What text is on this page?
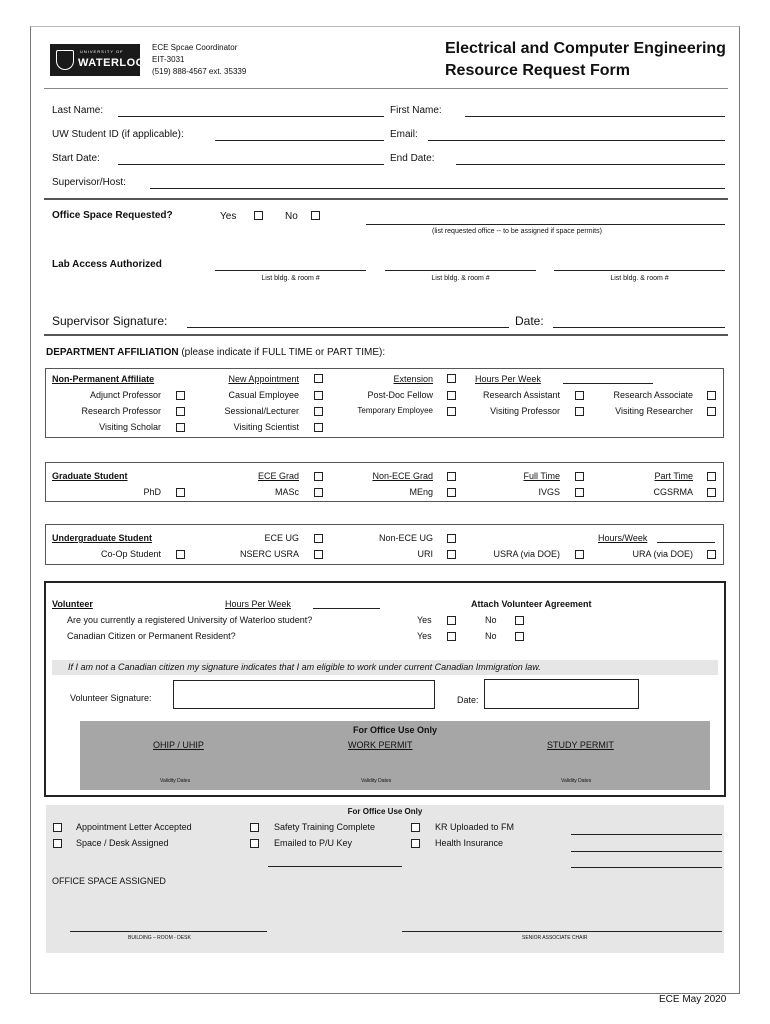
UNIVERSITY OF
WATERLOO
ECE Spcae Coordinator
EIT-3031
(519) 888-4567 ext. 35339
Electrical and Computer Engineering
Resource Request Form
Last Name:	First Name:
UW Student ID (if applicable):	Email:
Start Date:	End Date:
Supervisor/Host:
Office Space Requested?	Yes	No
(list requested office -- to be assigned if space permits)
Lab Access Authorized
List bldg. & room #	List bldg. & room #	List bldg. & room #
Supervisor Signature:	Date:
DEPARTMENT AFFILIATION (please indicate if FULL TIME or PART TIME):
Non-Permanent Affiliate	New Appointment	Extension	Hours Per Week
Adjunct Professor	Casual Employee	Post-Doc Fellow	Research Assistant	Research Associate
Research Professor	Sessional/Lecturer	Temporary Employee	Visiting Professor	Visiting Researcher
Visiting Scholar	Visiting Scientist
Graduate Student	ECE Grad	Non-ECE Grad	Full Time	Part Time
PhD	MASc	MEng	IVGS	CGSRMA
Undergraduate Student	ECE UG	Non-ECE UG	Hours/Week
Co-Op Student	NSERC USRA	URI	USRA (via DOE)	URA (via DOE)
Volunteer	Hours Per Week	Attach Volunteer Agreement
Are you currently a registered University of Waterloo student?	Yes	No
Canadian Citizen or Permanent Resident?	Yes	No
If I am not a Canadian citizen my signature indicates that I am eligible to work under current Canadian Immigration law.
Volunteer Signature:	Date:
For Office Use Only
OHIP / UHIP	WORK PERMIT	STUDY PERMIT
Validity Dates	Validity Dates	Validity Dates
For Office Use Only
Appointment Letter Accepted	Safety Training Complete	KR Uploaded to FM
Space / Desk Assigned	Emailed to P/U Key	Health Insurance
OFFICE SPACE ASSIGNED
BUILDING – ROOM - DESK	SENIOR ASSOCIATE CHAIR
ECE May 2020
